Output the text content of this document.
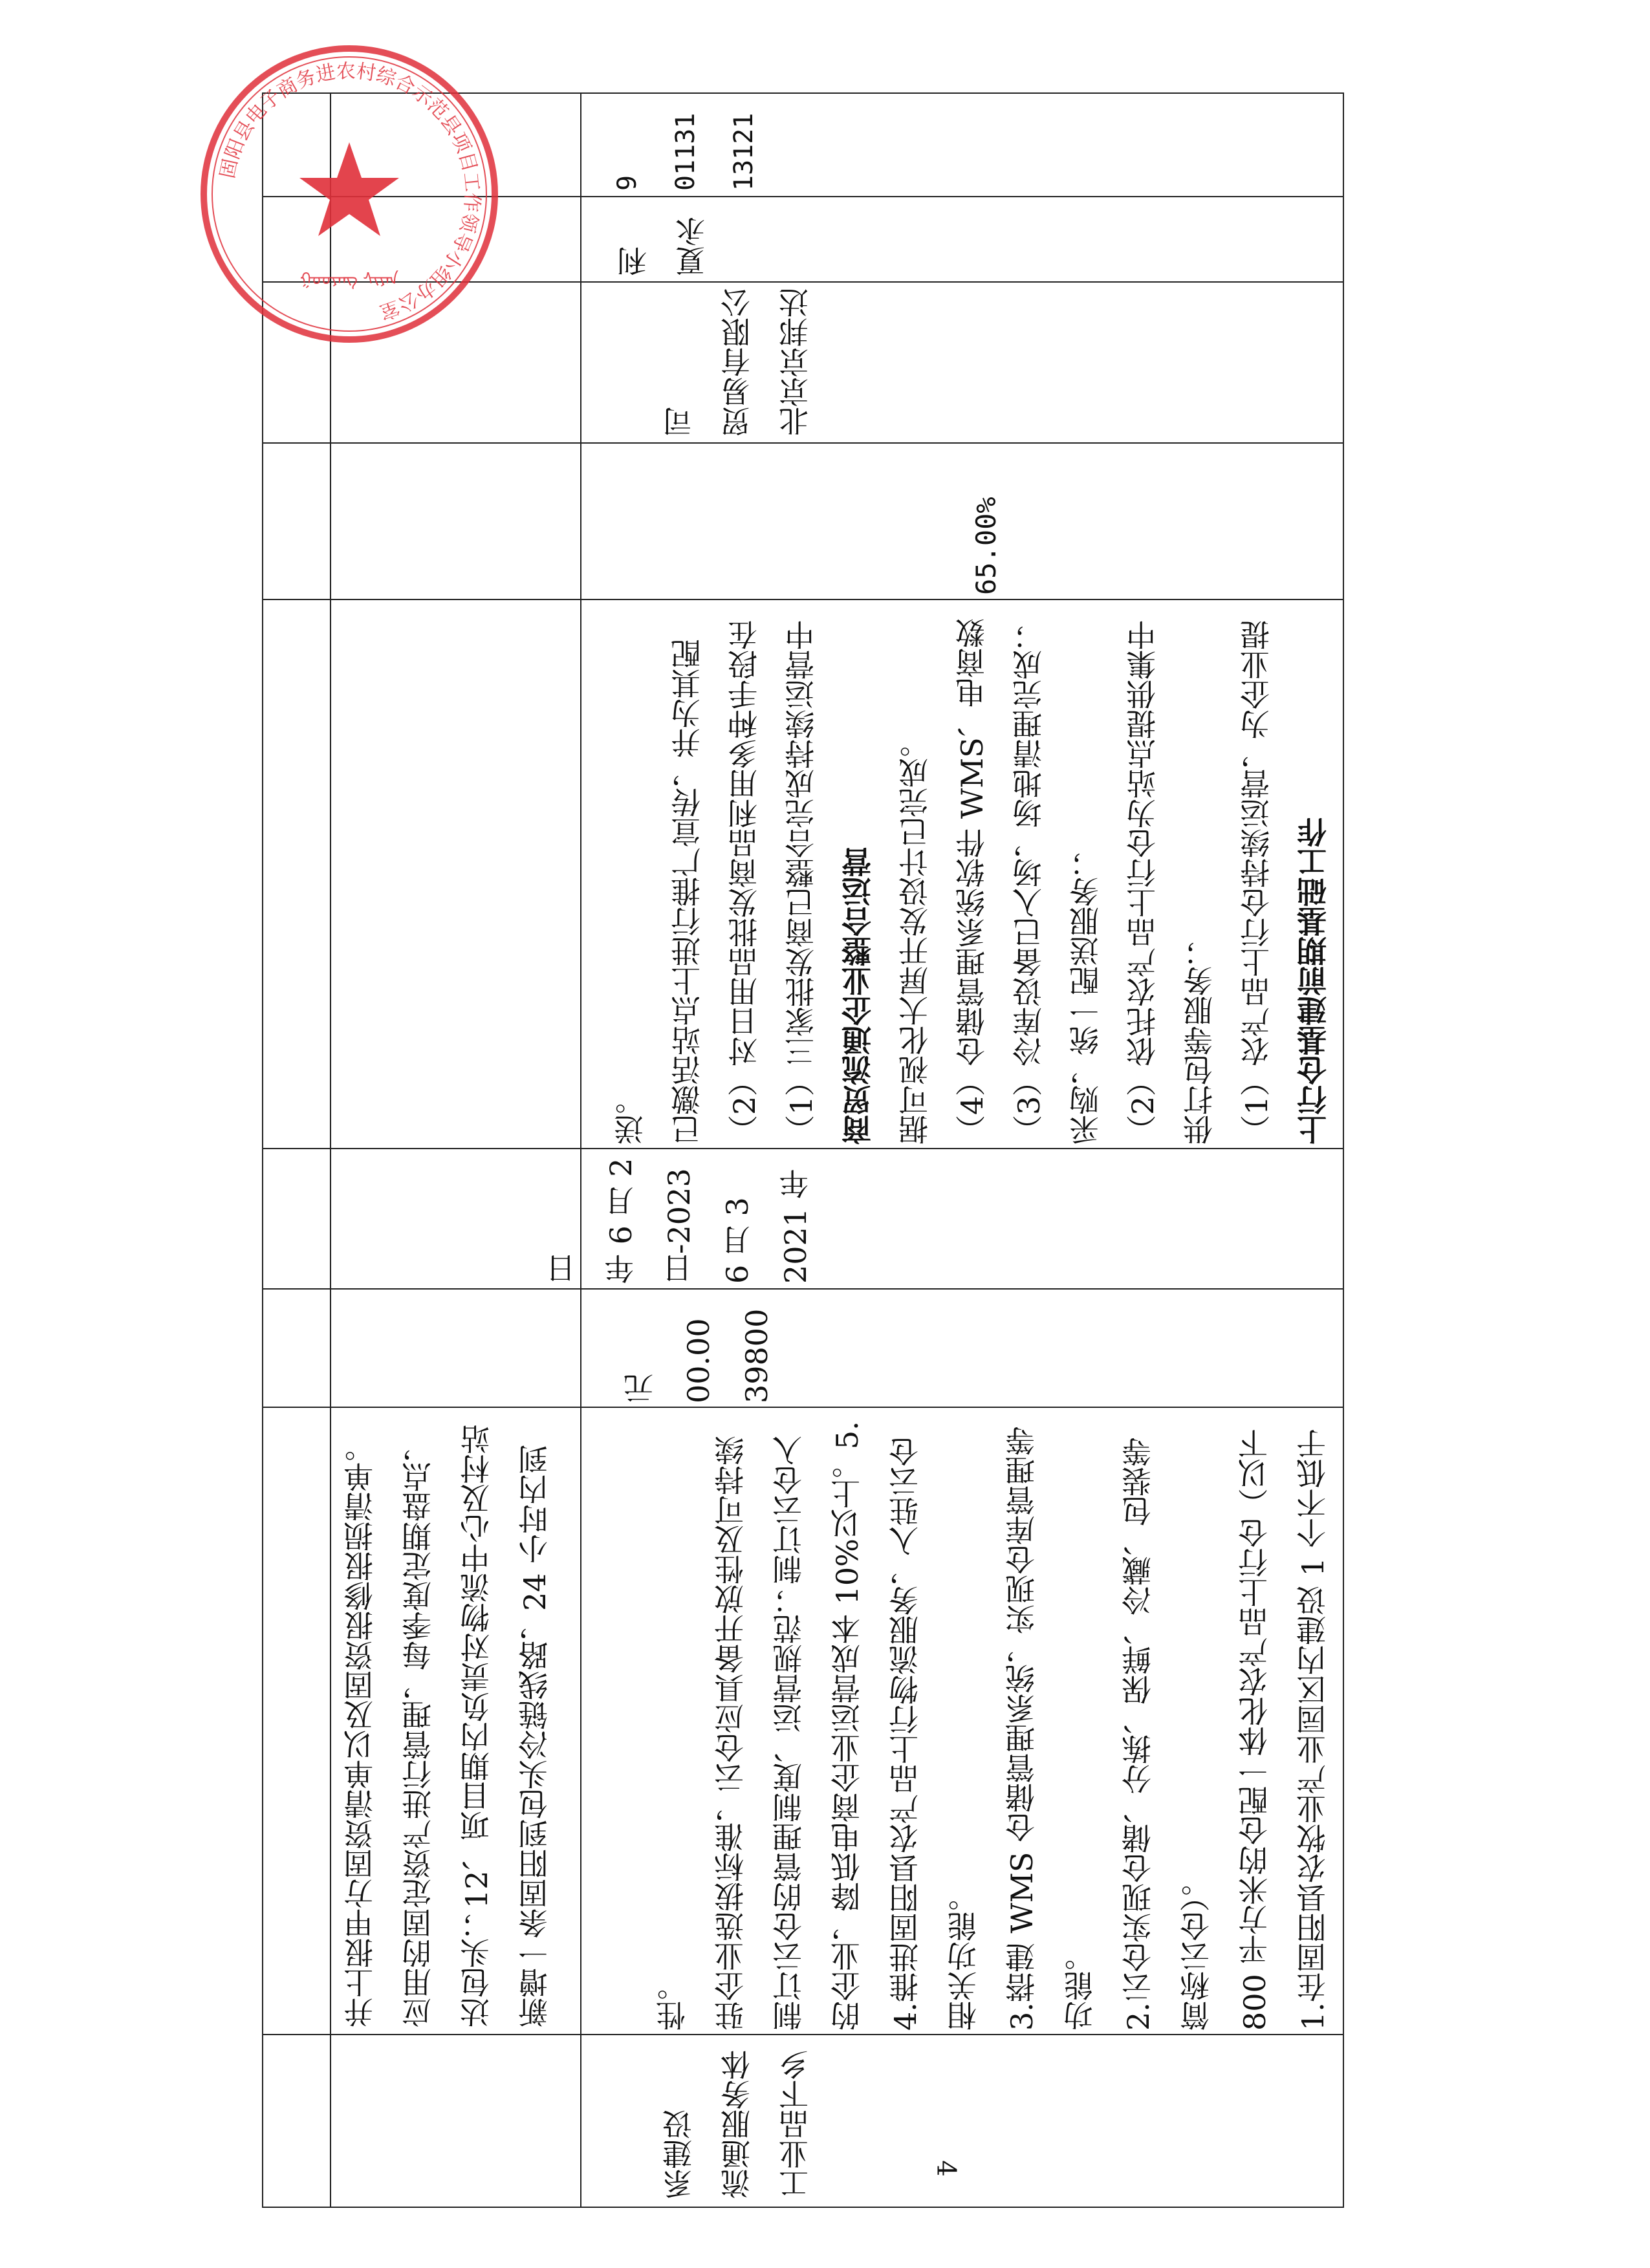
新增一条固阳到包头冷链线路，24 小时内到达包头；12、项目期内负责对物流中心及村站应用的固定资产进行管理，每季度定期盘点，并上报甲方固资清单以及固资报修报损清单。

工业品下乡流通服务体系建设

1.在固阳县农牧业产业园区内建设 1 个不低于 800 平方米的仓配一体化农产品上行仓（以下简称云仓）。

2.云仓实现仓储、分拣、保鲜、冷藏、包装等功能。

3.搭建 WMS 仓储管理系统，实现仓库管理等相关功能。

4.推进固阳县农产品上行物流服务，入驻云仓的企业，降低电商企业运营成本 10%以上。5.制订云仓的管理制度、运营规范；制订云仓入驻企业选拔标准，云仓应具备开放性及可持续性。

3980000.00元

2021 年 6 月 3 日-2023 年 6 月 2 日

上行仓基建前期基础工作

（1）农产品上行仓持续运营，为企业提供打包等服务；

（2）依托农产品上行仓为站点提供集中采购，统一配送服务；

（3）冷库设备已入场，场地清理完成；

（4）仓储管理系统软件 WMS、电商数据可视化大屏开发设计已完成。

商贸流通企业整合运营

（1）三家批发商已整合完成持续运营中

（2）对日用品批发商品利用多种手段在已激活站点上进行推广宣传，并为其配送。

65.00%

北京京邦达贸易有限公司

夏永利

13121011319

4
固阳县电子商务进农村综合示范县项目工作领导小组办公室
ᠭᠤᠤᠶᠠᠩ ᠰᠢᠶᠠᠨ
